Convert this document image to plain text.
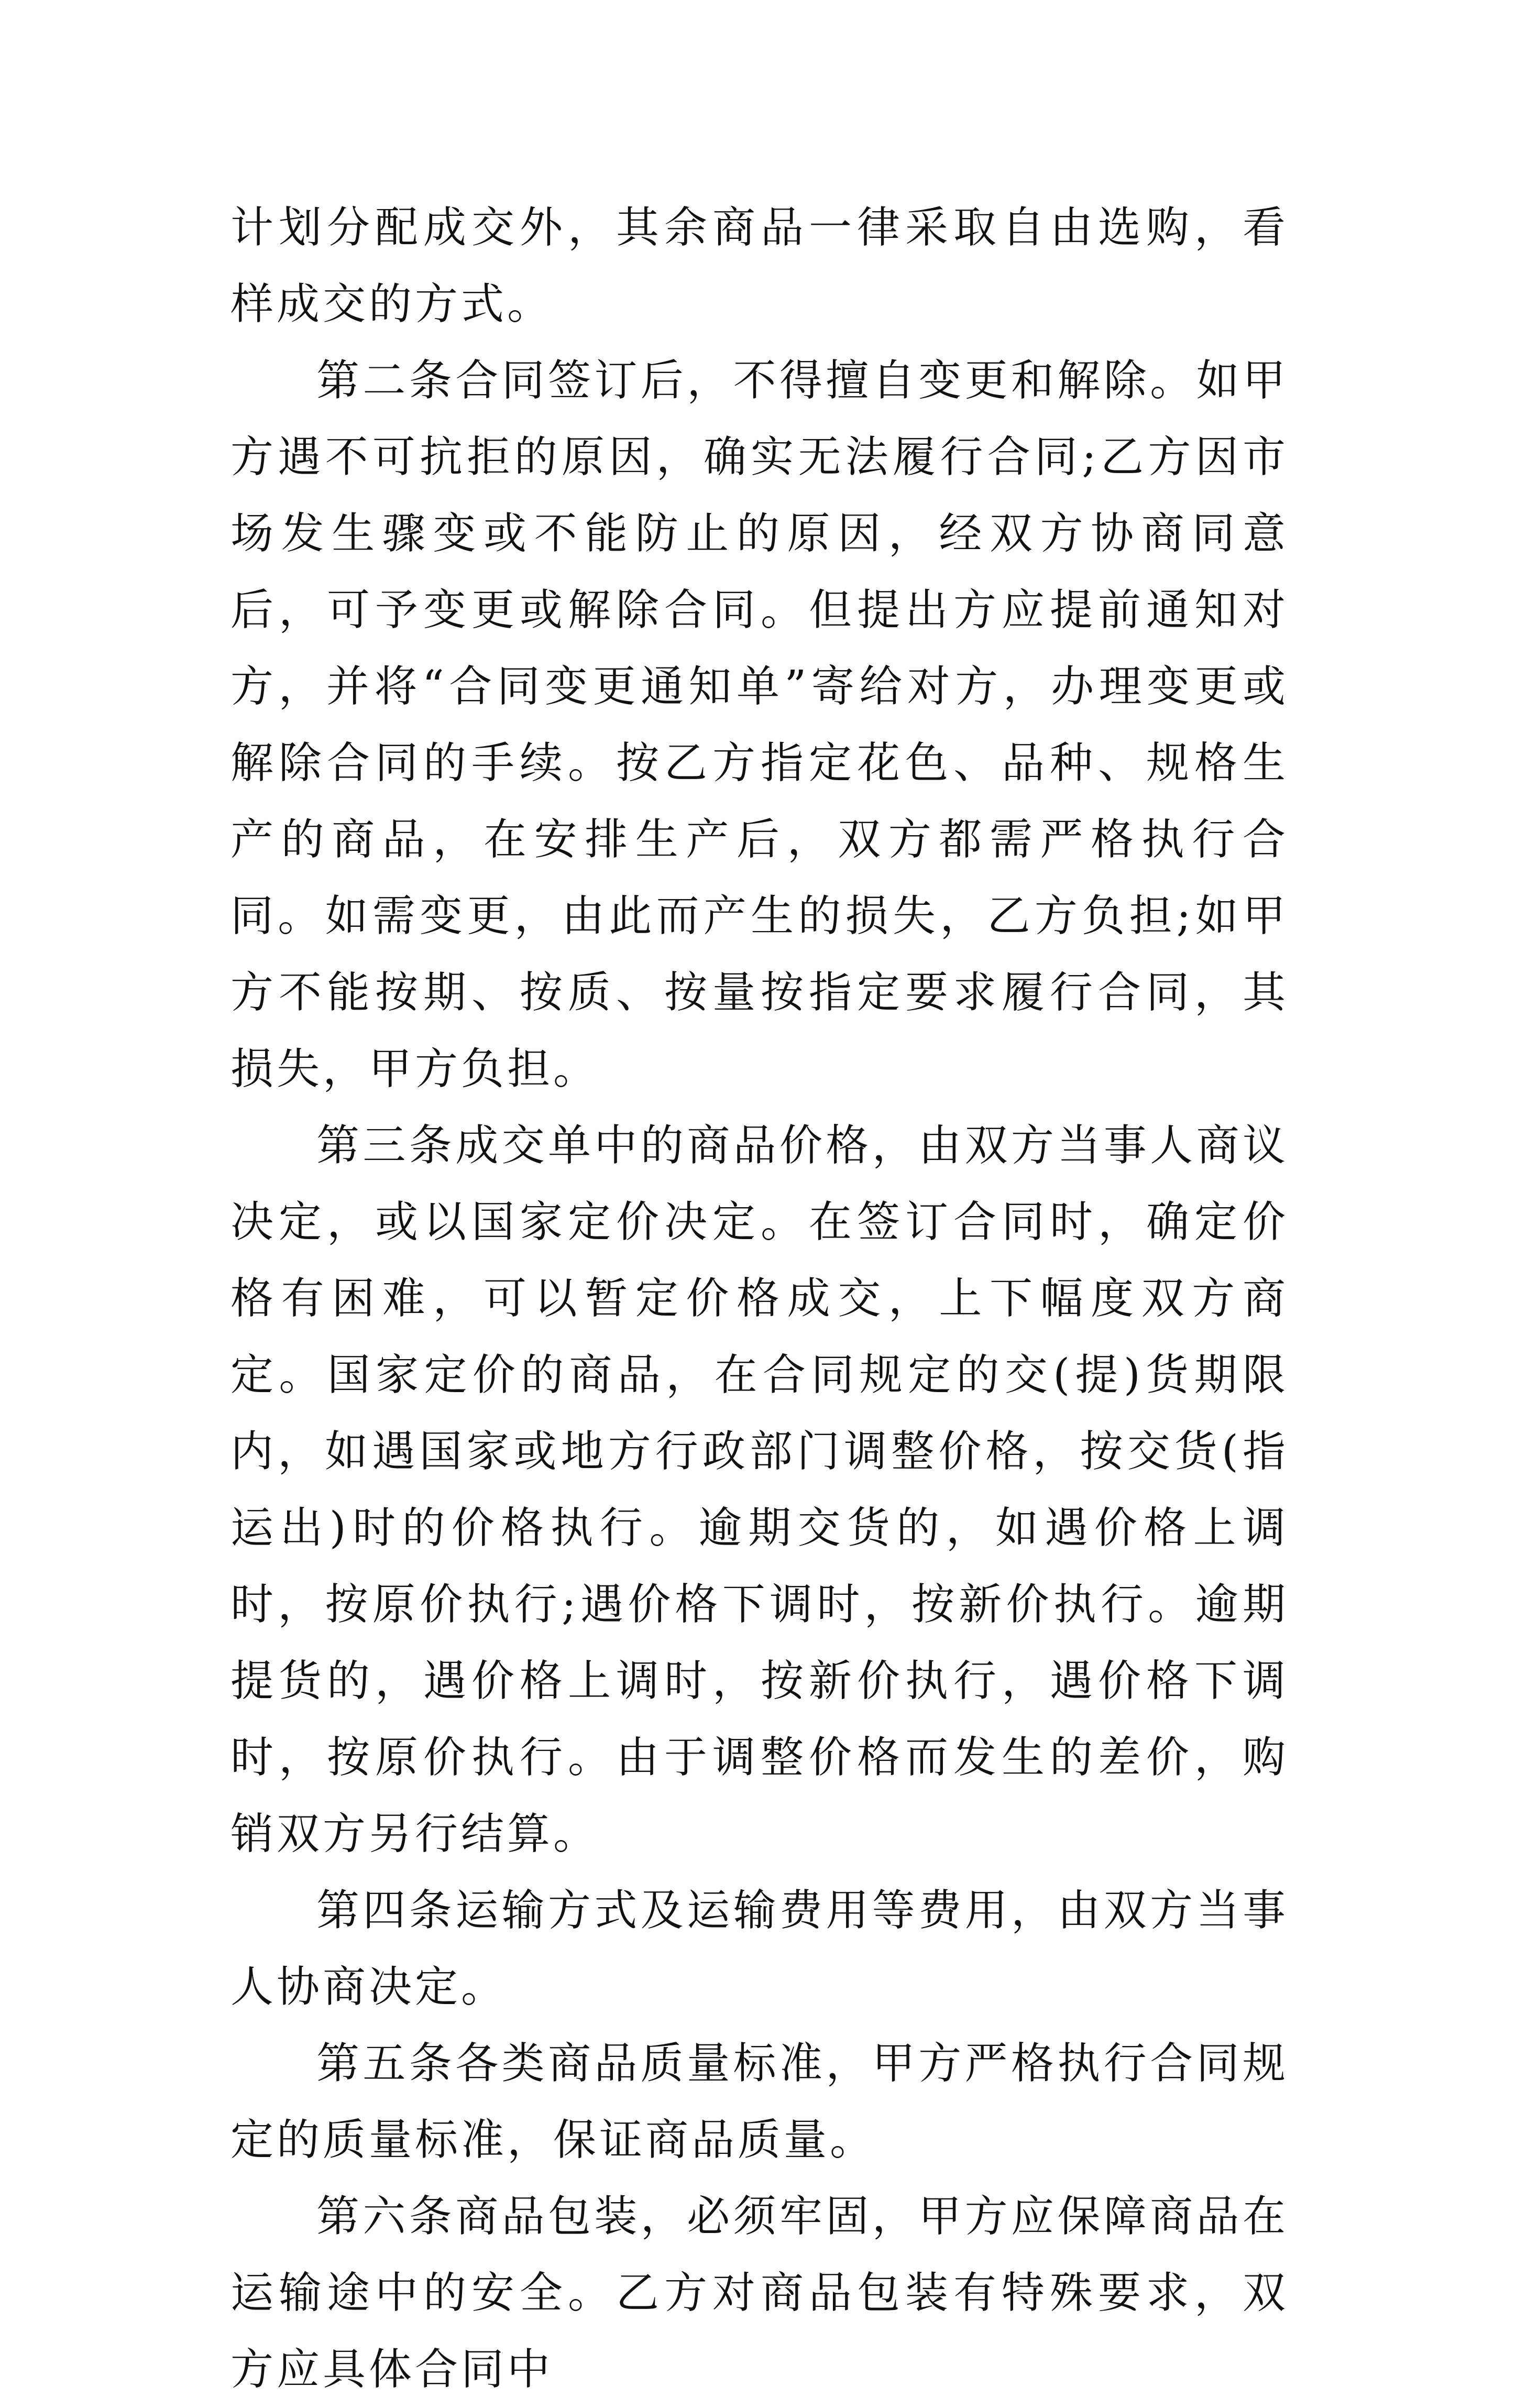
计划分配成交外，其余商品一律采取自由选购，看样成交的方式。

第二条合同签订后，不得擅自变更和解除。如甲方遇不可抗拒的原因，确实无法履行合同;乙方因市场发生骤变或不能防止的原因，经双方协商同意后，可予变更或解除合同。但提出方应提前通知对方，并将“合同变更通知单”寄给对方，办理变更或解除合同的手续。按乙方指定花色、品种、规格生产的商品，在安排生产后，双方都需严格执行合同。如需变更，由此而产生的损失，乙方负担;如甲方不能按期、按质、按量按指定要求履行合同，其损失，甲方负担。

第三条成交单中的商品价格，由双方当事人商议决定，或以国家定价决定。在签订合同时，确定价格有困难，可以暂定价格成交，上下幅度双方商定。国家定价的商品，在合同规定的交(提)货期限内，如遇国家或地方行政部门调整价格，按交货(指运出)时的价格执行。逾期交货的，如遇价格上调时，按原价执行;遇价格下调时，按新价执行。逾期提货的，遇价格上调时，按新价执行，遇价格下调时，按原价执行。由于调整价格而发生的差价，购销双方另行结算。

第四条运输方式及运输费用等费用，由双方当事人协商决定。

第五条各类商品质量标准，甲方严格执行合同规定的质量标准，保证商品质量。

第六条商品包装，必须牢固，甲方应保障商品在运输途中的安全。乙方对商品包装有特殊要求，双方应具体合同中
